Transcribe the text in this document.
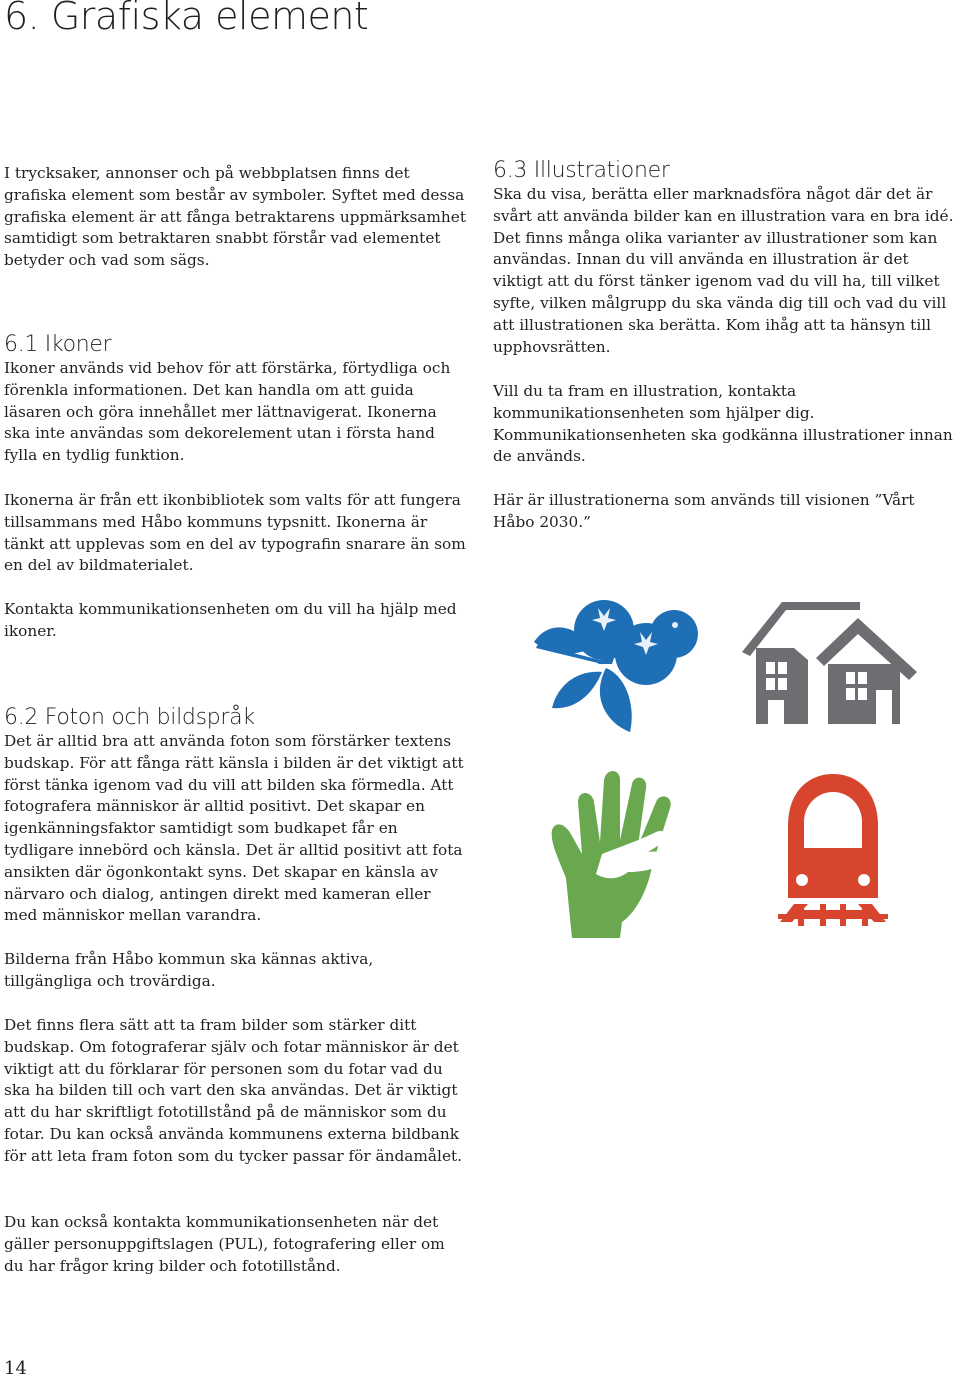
6. Grafiska element

I trycksaker, annonser och på webbplatsen finns det grafiska element som består av symboler. Syftet med dessa grafiska element är att fånga betraktarens uppmärksamhet samtidigt som betraktaren snabbt förstår vad elementet betyder och vad som sägs.

6.1 Ikoner

Ikoner används vid behov för att förstärka, förtydliga och förenkla informationen. Det kan handla om att guida läsaren och göra innehållet mer lättnavigerat. Ikonerna ska inte användas som dekorelement utan i första hand fylla en tydlig funktion.

Ikonerna är från ett ikonbibliotek som valts för att fungera tillsammans med Håbo kommuns typsnitt. Ikonerna är tänkt att upplevas som en del av typografin snarare än som en del av bildmaterialet.

Kontakta kommunikationsenheten om du vill ha hjälp med ikoner.

6.2 Foton och bildspråk

Det är alltid bra att använda foton som förstärker textens budskap. För att fånga rätt känsla i bilden är det viktigt att först tänka igenom vad du vill att bilden ska förmedla. Att fotografera människor är alltid positivt. Det skapar en igenkänningsfaktor samtidigt som budkapet får en tydligare innebörd och känsla. Det är alltid positivt att fota ansikten där ögonkontakt syns. Det skapar en känsla av närvaro och dialog, antingen direkt med kameran eller med människor mellan varandra.

Bilderna från Håbo kommun ska kännas aktiva, tillgängliga och trovärdiga.

Det finns flera sätt att ta fram bilder som stärker ditt budskap. Om fotograferar själv och fotar människor är det viktigt att du förklarar för personen som du fotar vad du ska ha bilden till och vart den ska användas. Det är viktigt att du har skriftligt fototillstånd på de människor som du fotar. Du kan också använda kommunens externa bildbank för att leta fram foton som du tycker passar för ändamålet.

Du kan också kontakta kommunikationsenheten när det gäller personuppgiftslagen (PUL), fotografering eller om du har frågor kring bilder och fototillstånd.

6.3 Illustrationer

Ska du visa, berätta eller marknadsföra något där det är svårt att använda bilder kan en illustration vara en bra idé. Det finns många olika varianter av illustrationer som kan användas. Innan du vill använda en illustration är det viktigt att du först tänker igenom vad du vill ha, till vilket syfte, vilken målgrupp du ska vända dig till och vad du vill att illustrationen ska berätta. Kom ihåg att ta hänsyn till upphovsrätten.

Vill du ta fram en illustration, kontakta kommunikationsenheten som hjälper dig. Kommunikationsenheten ska godkänna illustrationer innan de används.

Här är illustrationerna som används till visionen ”Vårt Håbo 2030.”

14
